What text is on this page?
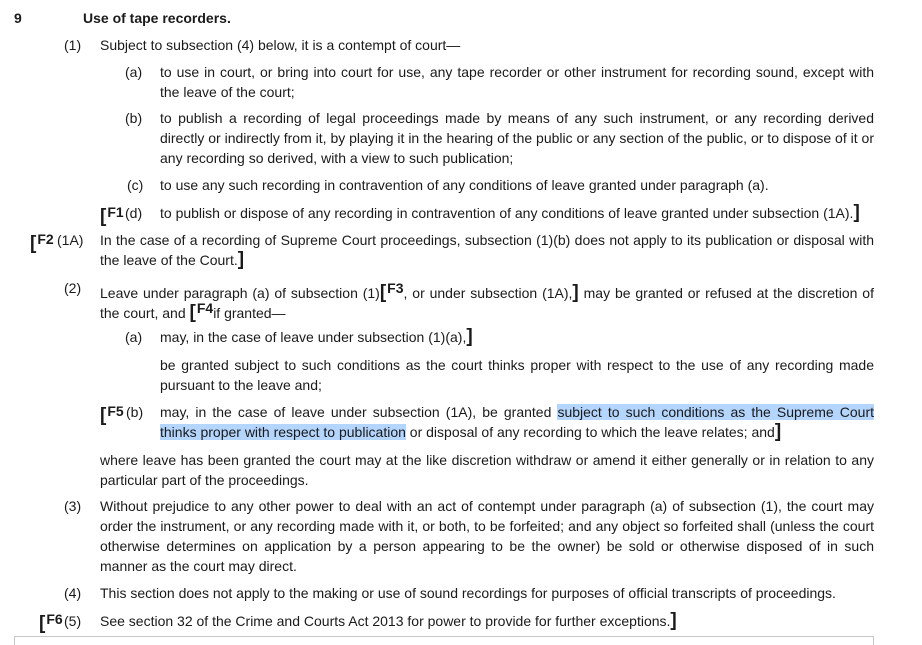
9	Use of tape recorders.
(1) Subject to subsection (4) below, it is a contempt of court—
(a) to use in court, or bring into court for use, any tape recorder or other instrument for recording sound, except with the leave of the court;
(b) to publish a recording of legal proceedings made by means of any such instrument, or any recording derived directly or indirectly from it, by playing it in the hearing of the public or any section of the public, or to dispose of it or any recording so derived, with a view to such publication;
(c) to use any such recording in contravention of any conditions of leave granted under paragraph (a).
[F1 (d) to publish or dispose of any recording in contravention of any conditions of leave granted under subsection (1A).]
[F2 (1A) In the case of a recording of Supreme Court proceedings, subsection (1)(b) does not apply to its publication or disposal with the leave of the Court.]
(2) Leave under paragraph (a) of subsection (1)[F3, or under subsection (1A),] may be granted or refused at the discretion of
the court, and [F4if granted—
(a) may, in the case of leave under subsection (1)(a),]
be granted subject to such conditions as the court thinks proper with respect to the use of any recording made pursuant to the leave and;
[F5 (b) may, in the case of leave under subsection (1A), be granted subject to such conditions as the Supreme Court
thinks proper with respect to publication or disposal of any recording to which the leave relates; and]
where leave has been granted the court may at the like discretion withdraw or amend it either generally or in relation to any particular part of the proceedings.
(3) Without prejudice to any other power to deal with an act of contempt under paragraph (a) of subsection (1), the court may order the instrument, or any recording made with it, or both, to be forfeited; and any object so forfeited shall (unless the court otherwise determines on application by a person appearing to be the owner) be sold or otherwise disposed of in such manner as the court may direct.
(4) This section does not apply to the making or use of sound recordings for purposes of official transcripts of proceedings.
[F6 (5) See section 32 of the Crime and Courts Act 2013 for power to provide for further exceptions.]
